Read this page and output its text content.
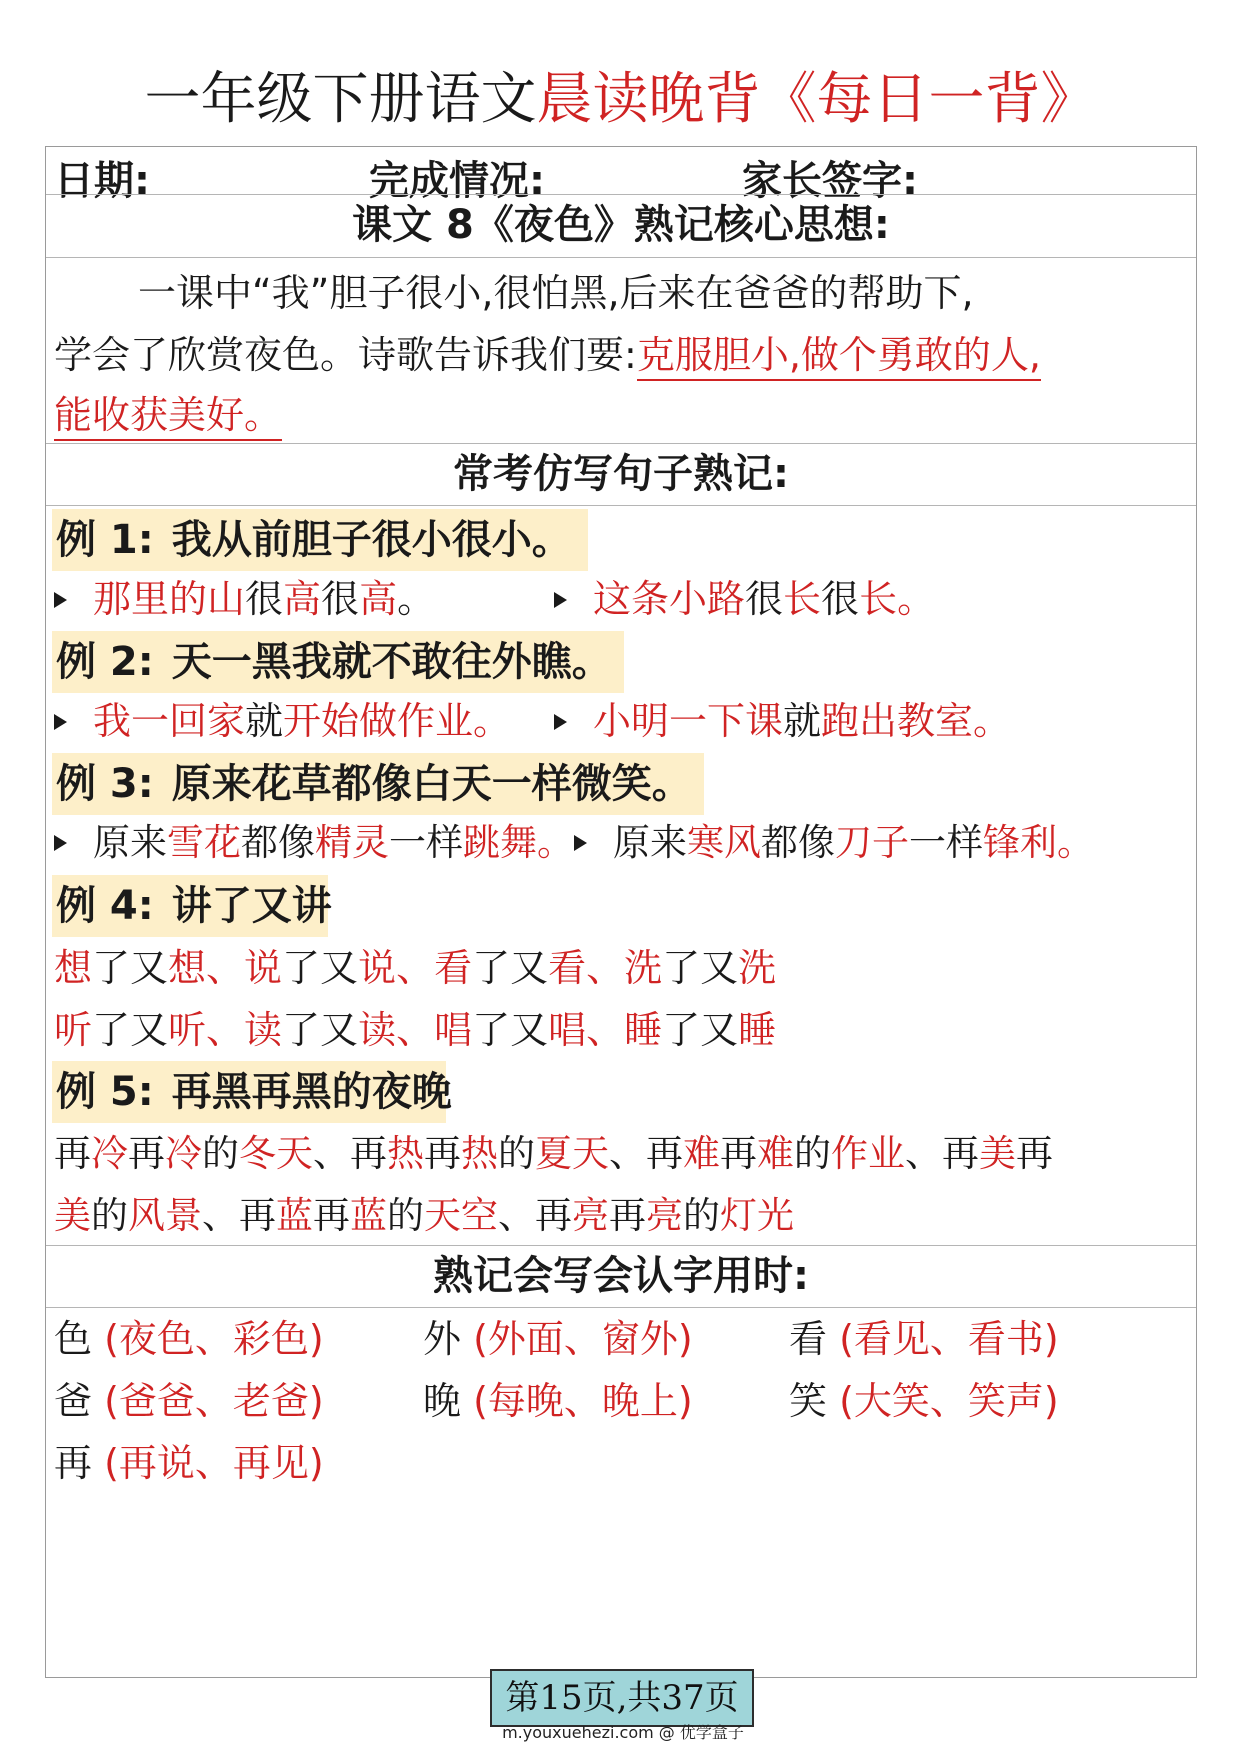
一年级下册语文晨读晚背《每日一背》
日期:	完成情况:	家长签字:
课文 8《夜色》熟记核心思想:
一课中“我”胆子很小,很怕黑,后来在爸爸的帮助下,
学会了欣赏夜色。诗歌告诉我们要:克服胆小,做个勇敢的人,
能收获美好。
常考仿写句子熟记:
例 1: 我从前胆子很小很小。
那里的山很高很高。	这条小路很长很长。
例 2: 天一黑我就不敢往外瞧。
我一回家就开始做作业。	小明一下课就跑出教室。
例 3: 原来花草都像白天一样微笑。
原来雪花都像精灵一样跳舞。	原来寒风都像刀子一样锋利。
例 4: 讲了又讲
想了又想、说了又说、看了又看、洗了又洗
听了又听、读了又读、唱了又唱、睡了又睡
例 5: 再黑再黑的夜晚
再冷再冷的冬天、再热再热的夏天、再难再难的作业、再美再
美的风景、再蓝再蓝的天空、再亮再亮的灯光
熟记会写会认字用时:
色 (夜色、彩色)	外 (外面、窗外)	看 (看见、看书)
爸 (爸爸、老爸)	晚 (每晚、晚上)	笑 (大笑、笑声)
再 (再说、再见)
第15页,共37页
m.youxuehezi.com @ 优学盒子
